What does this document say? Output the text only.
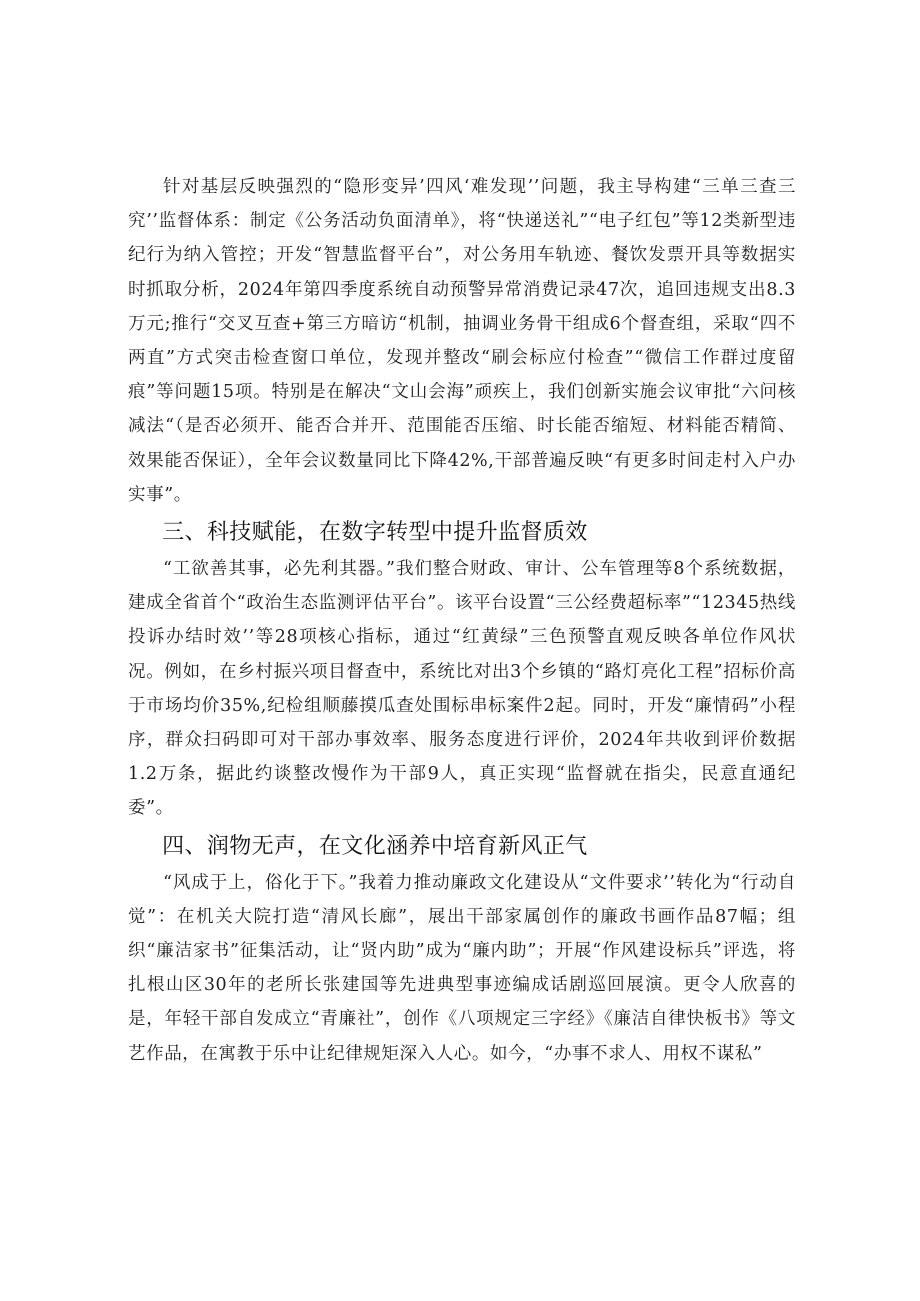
针对基层反映强烈的“隐形变异’四风‘难发现’’问题，我主导构建“三单三查三究’’监督体系：制定《公务活动负面清单》，将“快递送礼”“电子红包”等12类新型违纪行为纳入管控；开发“智慧监督平台”，对公务用车轨迹、餐饮发票开具等数据实时抓取分析，2024年第四季度系统自动预警异常消费记录47次，追回违规支出8.3万元;推行“交叉互查+第三方暗访“机制，抽调业务骨干组成6个督查组，采取“四不两直”方式突击检查窗口单位，发现并整改“刷会标应付检查”“微信工作群过度留痕”等问题15项。特别是在解决“文山会海”顽疾上，我们创新实施会议审批“六问核减法“（是否必须开、能否合并开、范围能否压缩、时长能否缩短、材料能否精简、效果能否保证），全年会议数量同比下降42%,干部普遍反映“有更多时间走村入户办实事”。

三、科技赋能，在数字转型中提升监督质效

“工欲善其事，必先利其器。”我们整合财政、审计、公车管理等8个系统数据，建成全省首个“政治生态监测评估平台”。该平台设置“三公经费超标率”“12345热线投诉办结时效’’等28项核心指标，通过“红黄绿”三色预警直观反映各单位作风状况。例如，在乡村振兴项目督查中，系统比对出3个乡镇的“路灯亮化工程”招标价高于市场均价35%,纪检组顺藤摸瓜查处围标串标案件2起。同时，开发“廉情码”小程序，群众扫码即可对干部办事效率、服务态度进行评价，2024年共收到评价数据1.2万条，据此约谈整改慢作为干部9人，真正实现“监督就在指尖，民意直通纪委”。

四、润物无声，在文化涵养中培育新风正气

“风成于上，俗化于下。”我着力推动廉政文化建设从“文件要求’’转化为“行动自觉”：在机关大院打造“清风长廊”，展出干部家属创作的廉政书画作品87幅；组织“廉洁家书”征集活动，让“贤内助”成为“廉内助”；开展“作风建设标兵”评选，将扎根山区30年的老所长张建国等先进典型事迹编成话剧巡回展演。更令人欣喜的是，年轻干部自发成立“青廉社”，创作《八项规定三字经》《廉洁自律快板书》等文艺作品，在寓教于乐中让纪律规矩深入人心。如今，“办事不求人、用权不谋私”
